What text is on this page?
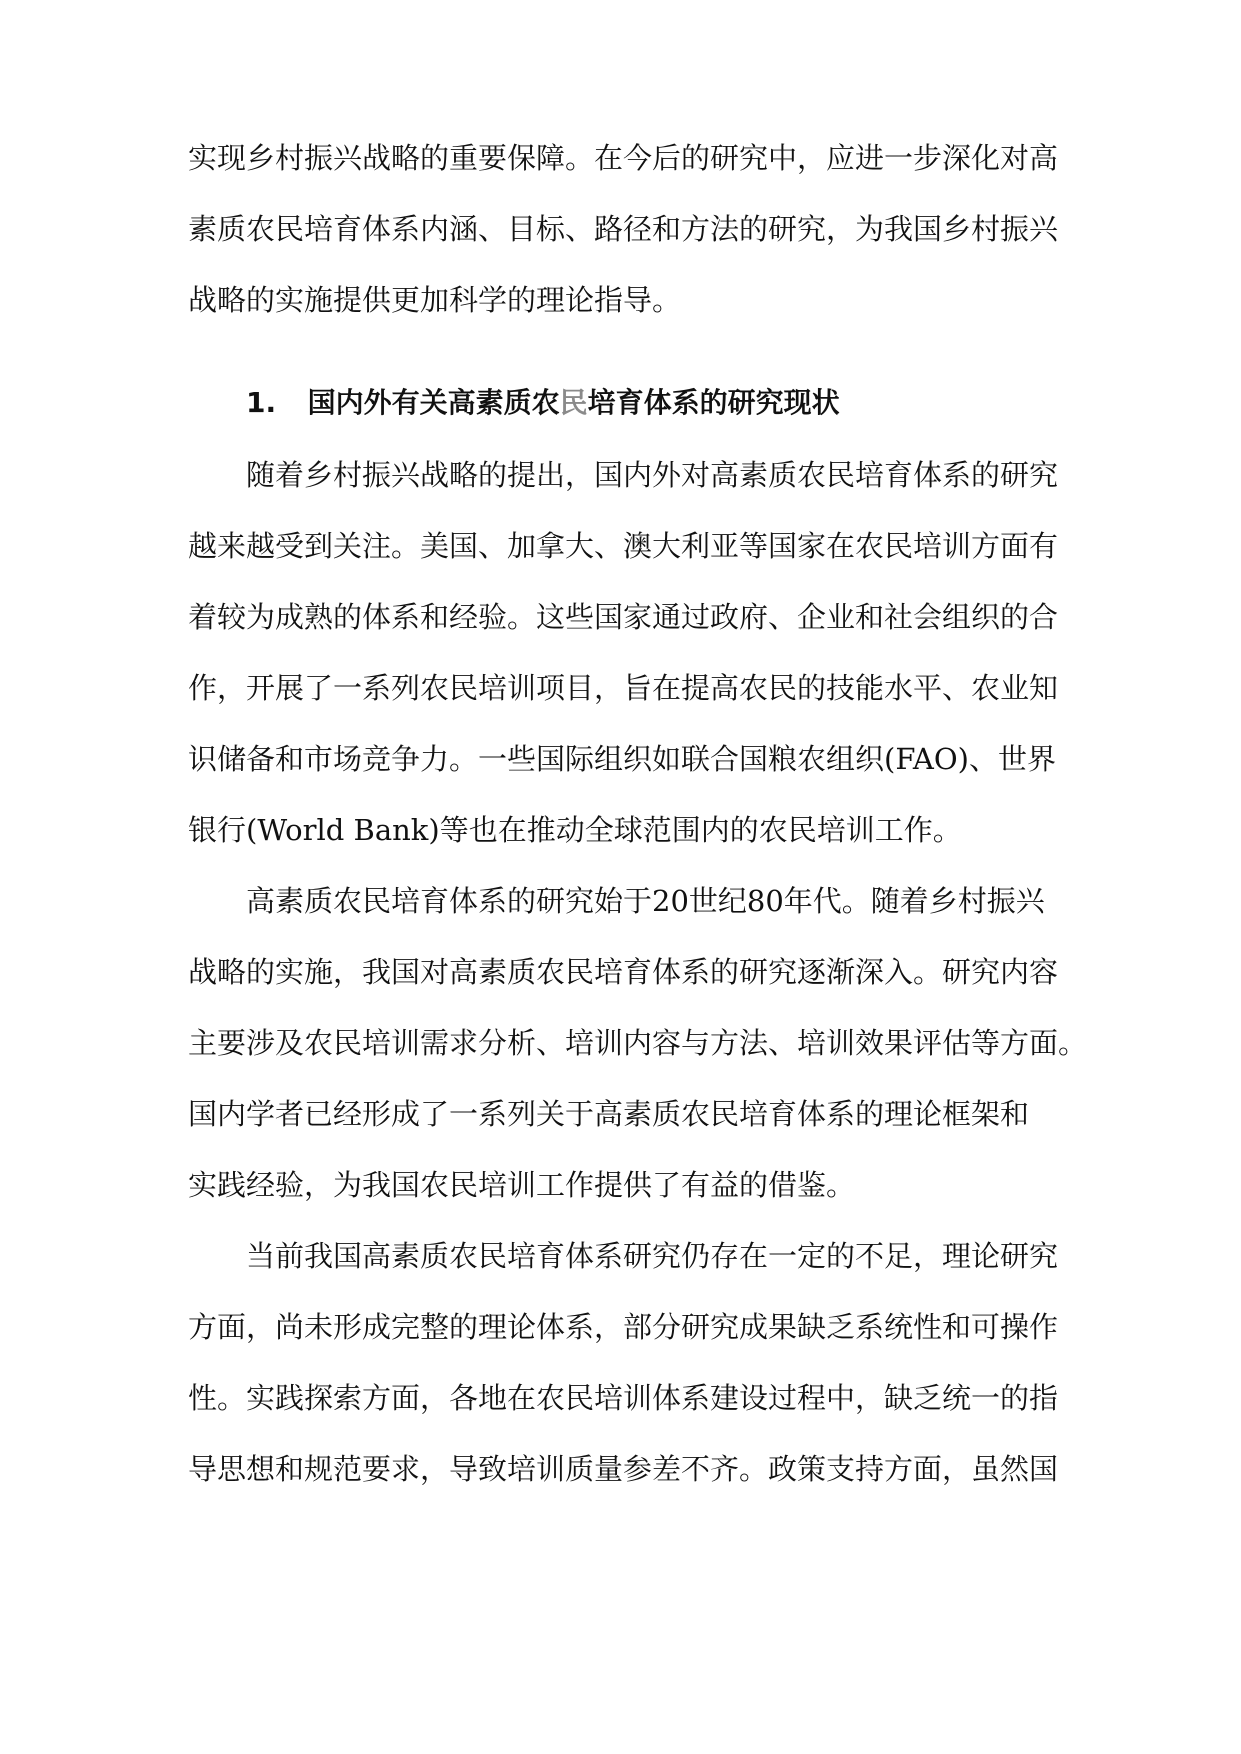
实现乡村振兴战略的重要保障。在今后的研究中，应进一步深化对高
素质农民培育体系内涵、目标、路径和方法的研究，为我国乡村振兴
战略的实施提供更加科学的理论指导。
1. 国内外有关高素质农民培育体系的研究现状
随着乡村振兴战略的提出，国内外对高素质农民培育体系的研究
越来越受到关注。美国、加拿大、澳大利亚等国家在农民培训方面有
着较为成熟的体系和经验。这些国家通过政府、企业和社会组织的合
作，开展了一系列农民培训项目，旨在提高农民的技能水平、农业知
识储备和市场竞争力。一些国际组织如联合国粮农组织(FAO)、世界
银行(World Bank)等也在推动全球范围内的农民培训工作。
高素质农民培育体系的研究始于20世纪80年代。随着乡村振兴
战略的实施，我国对高素质农民培育体系的研究逐渐深入。研究内容
主要涉及农民培训需求分析、培训内容与方法、培训效果评估等方面。
国内学者已经形成了一系列关于高素质农民培育体系的理论框架和
实践经验，为我国农民培训工作提供了有益的借鉴。
当前我国高素质农民培育体系研究仍存在一定的不足，理论研究
方面，尚未形成完整的理论体系，部分研究成果缺乏系统性和可操作
性。实践探索方面，各地在农民培训体系建设过程中，缺乏统一的指
导思想和规范要求，导致培训质量参差不齐。政策支持方面，虽然国
